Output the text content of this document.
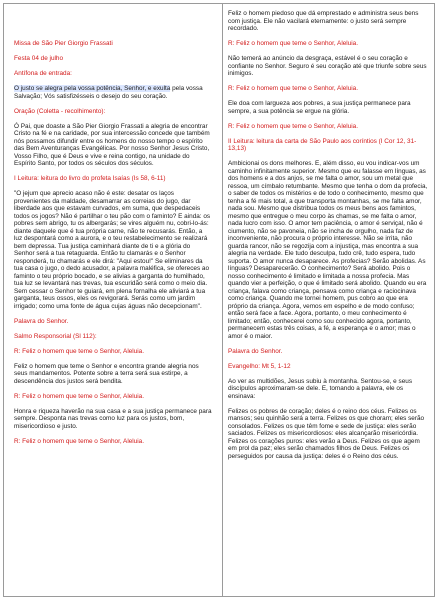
Missa de São Pier Giorgio Frassati

Festa 04 de julho

Antífona de entrada:

O justo se alegra pela vossa potência, Senhor, e exulta pela vossa Salvação; Vós satisfizésseis o desejo do seu coração.

Oração (Coletta - recolhimento):

Ó Pai, que doaste a São Pier Giorgio Frassati a alegria de encontrar Cristo na fé e na caridade, por sua intercessão concede que também nós possamos difundir entre os homens do nosso tempo o espírito das Bem Aventuranças Evangélicas. Por nosso Senhor Jesus Cristo, Vosso Filho, que é Deus e vive e reina contigo, na unidade do Espírito Santo, por todos os séculos dos séculos.

I Leitura: leitura do livro do profeta Isaías (Is 58, 6-11)

"O jejum que aprecio acaso não é este: desatar os laços provenientes da maldade, desamarrar as correias do jugo, dar liberdade aos que estavam curvados, em suma, que despedaceis todos os jogos? Não é partilhar o teu pão com o faminto? E ainda: os pobres sem abrigo, tu os albergarás; se vires alguém nu, cobri-lo-ás: diante daquele que é tua própria carne, não te recusarás. Então, a luz despontará como a aurora, e o teu restabelecimento se realizará bem depressa. Tua justiça caminhará diante de ti e a glória do Senhor será a tua retaguarda. Então tu clamarás e o Senhor responderá, tu chamarás e ele dirá: "Aqui estou!" Se eliminares da tua casa o jugo, o dedo acusador, a palavra maléfica, se ofereces ao faminto o teu próprio bocado, e se alivias a garganta do humilhado, tua luz se levantará nas trevas, tua escuridão será como o meio dia. Sem cessar o Senhor te guiará, em plena fornalha ele aliviará a tua garganta, teus ossos, eles os revigorará. Serás como um jardim irrigado; como uma fonte de água cujas águas não decepcionam".

Palavra do Senhor.

Salmo Responsorial (Sl 112):

R: Feliz o homem que teme o Senhor, Aleluia.

Feliz o homem que teme o Senhor e encontra grande alegria nos seus mandamentos. Potente sobre a terra será sua estirpe, a descendência dos justos será bendita.

R: Feliz o homem que teme o Senhor, Aleluia.

Honra e riqueza haverão na sua casa e a sua justiça permanece para sempre. Desponta nas trevas como luz para os justos, bom, misericordioso e justo.

R: Feliz o homem que teme o Senhor, Aleluia.

Feliz o homem piedoso que dá emprestado e administra seus bens com justiça. Ele não vacilará eternamente: o justo será sempre recordado.

R: Feliz o homem que teme o Senhor, Aleluia.

Não temerá ao anúncio da desgraça, estável é o seu coração e confiante no Senhor. Seguro é seu coração até que triunfe sobre seus inimigos.

R: Feliz o homem que teme o Senhor, Aleluia.

Ele doa com largueza aos pobres, a sua justiça permanece para sempre, a sua potência se ergue na glória.

R: Feliz o homem que teme o Senhor, Aleluia.

II Leitura: leitura da carta de São Paulo aos coríntios (I Cor 12, 31-13,13)

Ambicionai os dons melhores. E, além disso, eu vou indicar-vos um caminho infinitamente superior. Mesmo que eu falasse em línguas, as dos homens e a dos anjos, se me falta o amor, sou um metal que ressoa, um címbalo retumbante. Mesmo que tenha o dom da profecia, o saber de todos os mistérios e de todo o conhecimento, mesmo que tenha a fé mais total, a que transporta montanhas, se me falta amor, nada sou. Mesmo que distribua todos os meus bens aos famintos, mesmo que entregue o meu corpo às chamas, se me falta o amor, nada lucro com isso. O amor tem paciência, o amor é serviçal, não é ciumento, não se pavoneia, não se incha de orgulho, nada faz de inconveniente, não procura o próprio interesse. Não se irrita, não guarda rancor, não se regozija com a injustiça, mas encontra a sua alegria na verdade. Ele tudo desculpa, tudo crê, tudo espera, tudo suporta. O amor nunca desaparece. As profecias? Serão abolidas. As línguas? Desaparecerão. O conhecimento? Será abolido. Pois o nosso conhecimento é limitado e limitada a nossa profecia. Mas quando vier a perfeição, o que é limitado será abolido. Quando eu era criança, falava como criança, pensava como criança e raciocinava como criança. Quando me tornei homem, pus cobro ao que era próprio da criança. Agora, vemos em espelho e de modo confuso; então será face a face. Agora, portanto, o meu conhecimento é limitado; então, conhecerei como sou conhecido agora, portanto, permanecem estas três coisas, a fé, a esperança e o amor; mas o amor é o maior.

Palavra do Senhor.

Evangelho: Mt 5, 1-12

Ao ver as multidões, Jesus subiu à montanha. Sentou-se, e seus discípulos aproximaram-se dele. E, tomando a palavra, ele os ensinava:

Felizes os pobres de coração; deles é o reino dos céus. Felizes os mansos; seu quinhão será a terra. Felizes os que choram; eles serão consolados. Felizes os que têm fome e sede de justiça: eles serão saciados. Felizes os misericordiosos: eles alcançarão misericórdia. Felizes os corações puros: eles verão a Deus. Felizes os que agem em prol da paz; eles serão chamados filhos de Deus. Felizes os perseguidos por causa da justiça: deles é o Reino dos céus.
